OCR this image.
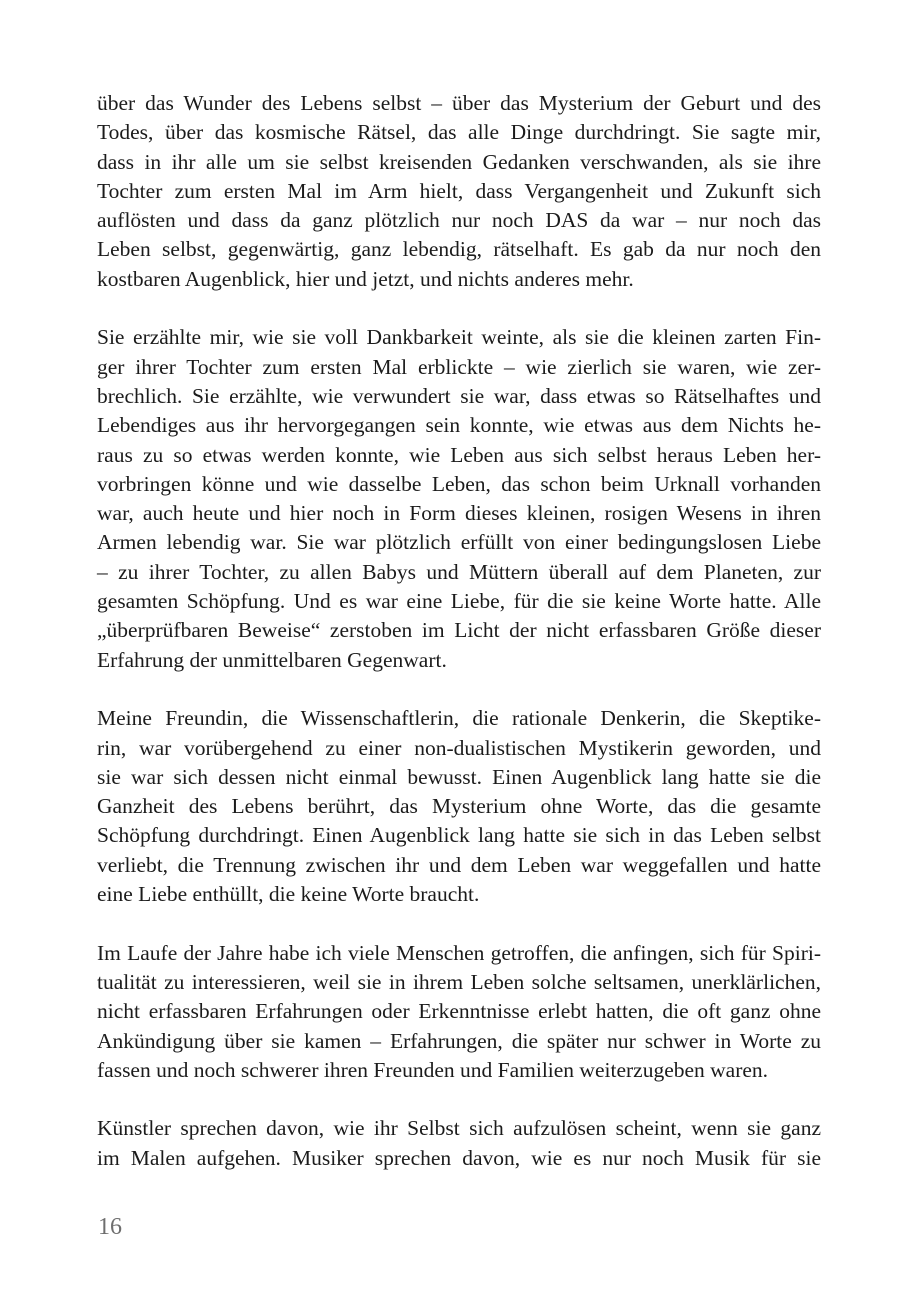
über das Wunder des Lebens selbst – über das Mysterium der Geburt und des
Todes, über das kosmische Rätsel, das alle Dinge durchdringt. Sie sagte mir,
dass in ihr alle um sie selbst kreisenden Gedanken verschwanden, als sie ihre
Tochter zum ersten Mal im Arm hielt, dass Vergangenheit und Zukunft sich
auflösten und dass da ganz plötzlich nur noch DAS da war – nur noch das
Leben selbst, gegenwärtig, ganz lebendig, rätselhaft. Es gab da nur noch den
kostbaren Augenblick, hier und jetzt, und nichts anderes mehr.
Sie erzählte mir, wie sie voll Dankbarkeit weinte, als sie die kleinen zarten Fin-
ger ihrer Tochter zum ersten Mal erblickte – wie zierlich sie waren, wie zer-
brechlich. Sie erzählte, wie verwundert sie war, dass etwas so Rätselhaftes und
Lebendiges aus ihr hervorgegangen sein konnte, wie etwas aus dem Nichts he-
raus zu so etwas werden konnte, wie Leben aus sich selbst heraus Leben her-
vorbringen könne und wie dasselbe Leben, das schon beim Urknall vorhanden
war, auch heute und hier noch in Form dieses kleinen, rosigen Wesens in ihren
Armen lebendig war. Sie war plötzlich erfüllt von einer bedingungslosen Liebe
– zu ihrer Tochter, zu allen Babys und Müttern überall auf dem Planeten, zur
gesamten Schöpfung. Und es war eine Liebe, für die sie keine Worte hatte. Alle
„überprüfbaren Beweise“ zerstoben im Licht der nicht erfassbaren Größe dieser
Erfahrung der unmittelbaren Gegenwart.
Meine Freundin, die Wissenschaftlerin, die rationale Denkerin, die Skeptike-
rin, war vorübergehend zu einer non-dualistischen Mystikerin geworden, und
sie war sich dessen nicht einmal bewusst. Einen Augenblick lang hatte sie die
Ganzheit des Lebens berührt, das Mysterium ohne Worte, das die gesamte
Schöpfung durchdringt. Einen Augenblick lang hatte sie sich in das Leben selbst
verliebt, die Trennung zwischen ihr und dem Leben war weggefallen und hatte
eine Liebe enthüllt, die keine Worte braucht.
Im Laufe der Jahre habe ich viele Menschen getroffen, die anfingen, sich für Spiri-
tualität zu interessieren, weil sie in ihrem Leben solche seltsamen, unerklärlichen,
nicht erfassbaren Erfahrungen oder Erkenntnisse erlebt hatten, die oft ganz ohne
Ankündigung über sie kamen – Erfahrungen, die später nur schwer in Worte zu
fassen und noch schwerer ihren Freunden und Familien weiterzugeben waren.
Künstler sprechen davon, wie ihr Selbst sich aufzulösen scheint, wenn sie ganz
im Malen aufgehen. Musiker sprechen davon, wie es nur noch Musik für sie
16
